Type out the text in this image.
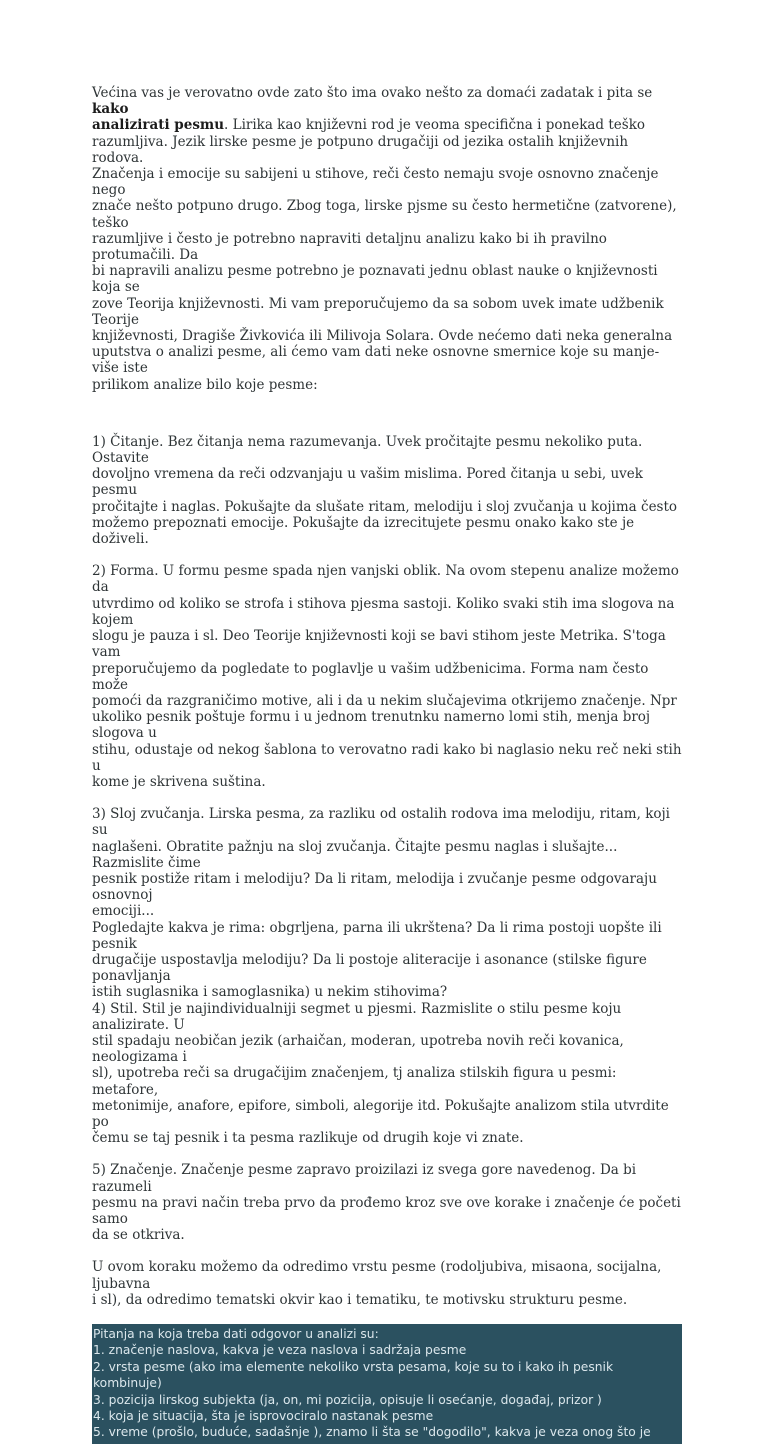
Većina vas je verovatno ovde zato što ima ovako nešto za domaći zadatak i pita se kako
analizirati pesmu. Lirika kao književni rod je veoma specifična i ponekad teško
razumljiva. Jezik lirske pesme je potpuno drugačiji od jezika ostalih književnih rodova.
Značenja i emocije su sabijeni u stihove, reči često nemaju svoje osnovno značenje nego
znače nešto potpuno drugo. Zbog toga, lirske pjsme su često hermetične (zatvorene), teško
razumljive i često je potrebno napraviti detaljnu analizu kako bi ih pravilno protumačili. Da
bi napravili analizu pesme potrebno je poznavati jednu oblast nauke o književnosti koja se
zove Teorija književnosti. Mi vam preporučujemo da sa sobom uvek imate udžbenik Teorije
književnosti, Dragiše Živkovića ili Milivoja Solara. Ovde nećemo dati neka generalna
uputstva o analizi pesme, ali ćemo vam dati neke osnovne smernice koje su manje-više iste
prilikom analize bilo koje pesme:

1) Čitanje. Bez čitanja nema razumevanja. Uvek pročitajte pesmu nekoliko puta. Ostavite
dovoljno vremena da reči odzvanjaju u vašim mislima. Pored čitanja u sebi, uvek pesmu
pročitajte i naglas. Pokušajte da slušate ritam, melodiju i sloj zvučanja u kojima često
možemo prepoznati emocije. Pokušajte da izrecitujete pesmu onako kako ste je doživeli.

2) Forma. U formu pesme spada njen vanjski oblik. Na ovom stepenu analize možemo da
utvrdimo od koliko se strofa i stihova pjesma sastoji. Koliko svaki stih ima slogova na kojem
slogu je pauza i sl. Deo Teorije književnosti koji se bavi stihom jeste Metrika. S'toga vam
preporučujemo da pogledate to poglavlje u vašim udžbenicima. Forma nam često može
pomoći da razgraničimo motive, ali i da u nekim slučajevima otkrijemo značenje. Npr
ukoliko pesnik poštuje formu i u jednom trenutnku namerno lomi stih, menja broj slogova u
stihu, odustaje od nekog šablona to verovatno radi kako bi naglasio neku reč neki stih u
kome je skrivena suština.

3) Sloj zvučanja. Lirska pesma, za razliku od ostalih rodova ima melodiju, ritam, koji su
naglašeni. Obratite pažnju na sloj zvučanja. Čitajte pesmu naglas i slušajte... Razmislite čime
pesnik postiže ritam i melodiju? Da li ritam, melodija i zvučanje pesme odgovaraju osnovnoj
emociji...
Pogledajte kakva je rima: obgrljena, parna ili ukrštena? Da li rima postoji uopšte ili pesnik
drugačije uspostavlja melodiju? Da li postoje aliteracije i asonance (stilske figure ponavljanja
istih suglasnika i samoglasnika) u nekim stihovima?

4) Stil. Stil je najindividualniji segmet u pjesmi. Razmislite o stilu pesme koju analizirate. U
stil spadaju neobičan jezik (arhaičan, moderan, upotreba novih reči kovanica, neologizama i
sl), upotreba reči sa drugačijim značenjem, tj analiza stilskih figura u pesmi: metafore,
metonimije, anafore, epifore, simboli, alegorije itd. Pokušajte analizom stila utvrdite po
čemu se taj pesnik i ta pesma razlikuje od drugih koje vi znate.

5) Značenje. Značenje pesme zapravo proizilazi iz svega gore navedenog. Da bi razumeli
pesmu na pravi način treba prvo da prođemo kroz sve ove korake i značenje će početi samo
da se otkriva.

U ovom koraku možemo da odredimo vrstu pesme (rodoljubiva, misaona, socijalna, ljubavna
i sl), da odredimo tematski okvir kao i tematiku, te motivsku strukturu pesme.

Pitanja na koja treba dati odgovor u analizi su:
1. značenje naslova, kakva je veza naslova i sadržaja pesme
2. vrsta pesme (ako ima elemente nekoliko vrsta pesama, koje su to i kako ih pesnik
kombinuje)
3. pozicija lirskog subjekta (ja, on, mi pozicija, opisuje li osećanje, događaj, prizor )
4. koja je situacija, šta je isprovociralo nastanak pesme
5. vreme (prošlo, buduće, sadašnje ), znamo li šta se "dogodilo", kakva je veza onog što je
